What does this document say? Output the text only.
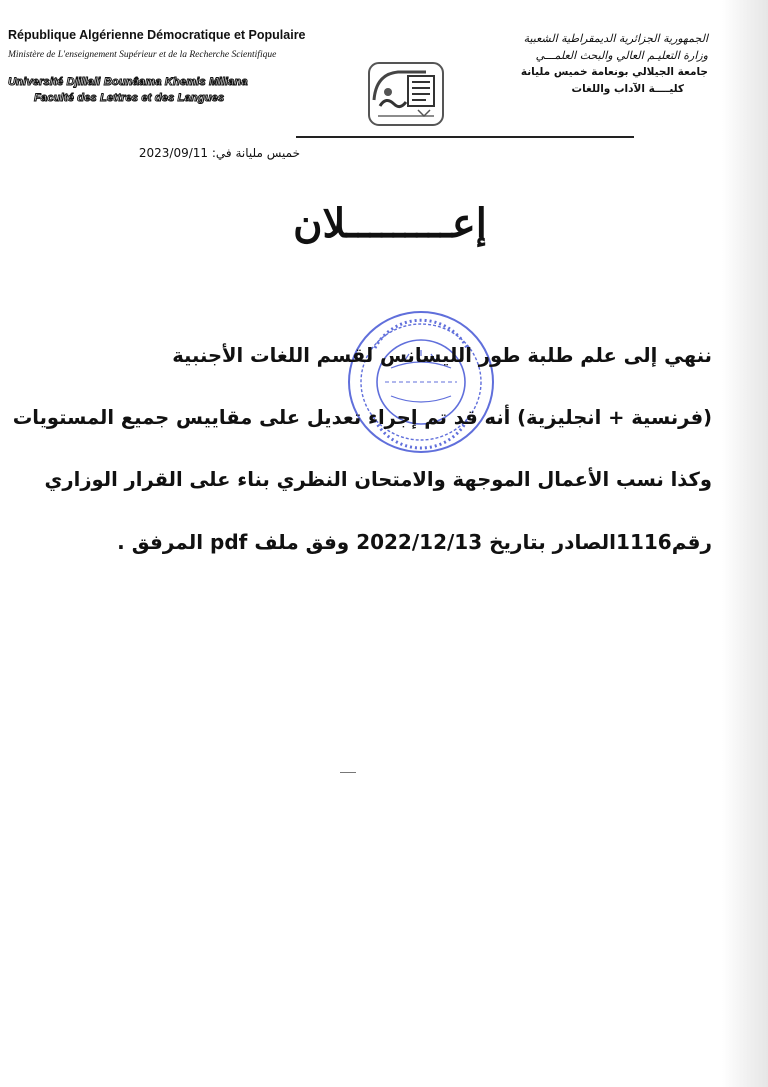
République Algérienne Démocratique et Populaire
Ministère de L'enseignement Supérieur et de la Recherche Scientifique
Université Djillali Bounâama Khemis Miliana
Faculté des Lettres et des Langues
الجمهورية الجزائرية الديمقراطية الشعبية
وزارة التعليـم العالي والبحث العلمـــي
جامعة الجيلالي بونعامة خميس مليانة
كليــــة الآداب واللغات
خميس مليانة في: 2023/09/11
إعـــــــــلان
ننهي إلى علم طلبة طور الليسانس لقسم اللغات الأجنبية
(فرنسية + انجليزية) أنه قد تم إجراء تعديل على مقاييس جميع المستويات
وكذا نسب الأعمال الموجهة والامتحان النظري بناء على القرار الوزاري
رقم1116الصادر بتاريخ 2022/12/13 وفق ملف pdf المرفق .
